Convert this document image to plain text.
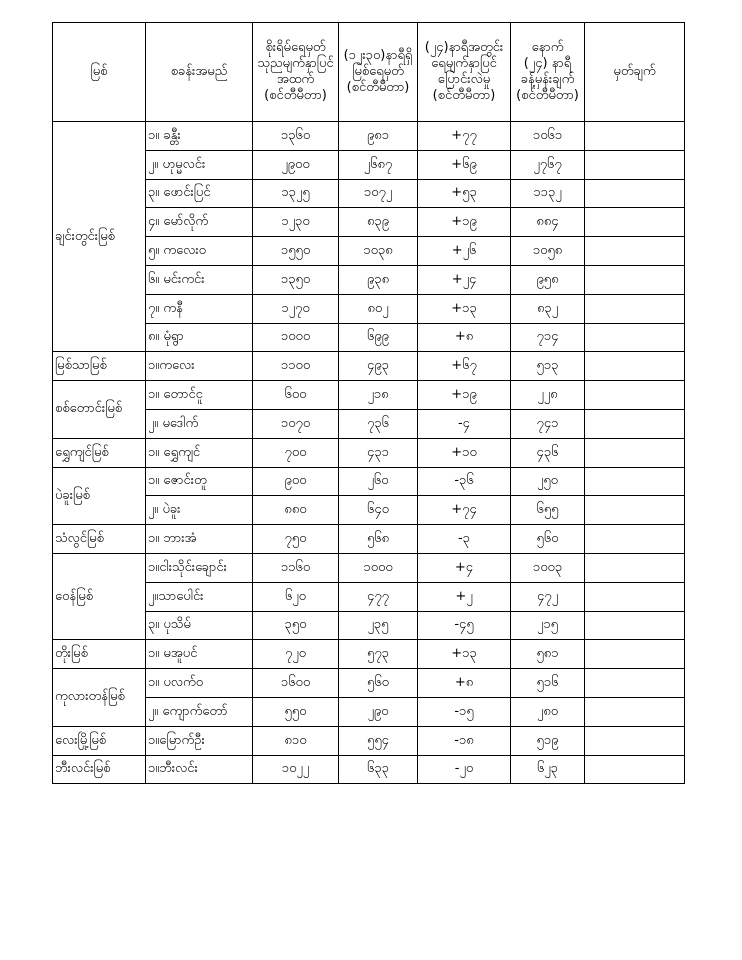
မြစ်	စခန်းအမည်	စိုးရိမ်ရေမှတ်
သုညမျက်နှာပြင်
အထက်
(စင်တီမီတာ)	(၁၂း၃၀)နာရီရှိ
မြစ်ရေမှတ်
(စင်တီမီတာ)	(၂၄)နာရီအတွင်း
ရေမျက်နှာပြင်
ပြောင်းလဲမှု
(စင်တီမီတာ)	နောက်
(၂၄) နာရီ
ခန့်မှန်းချက်
(စင်တီမီတာ)	မှတ်ချက်
ချင်းတွင်းမြစ်	၁။ ခန္တီး	၁၃၆၀	၉၈၁	+၇၇	၁၀၆၁	
	၂။ ဟုမ္မလင်း	၂၉၀၀	၂၆၈၇	+၆၉	၂၇၆၇	
	၃။ ဖောင်းပြင်	၁၃၂၅	၁၀၇၂	+၅၃	၁၁၃၂	
	၄။ မော်လိုက်	၁၂၃၀	၈၃၉	+၁၉	၈၈၄	
	၅။ ကလေးဝ	၁၅၅၀	၁၀၃၈	+၂၆	၁၀၅၈	
	၆။ မင်းကင်း	၁၃၅၀	၉၃၈	+၂၄	၉၅၈	
	၇။ ကနီ	၁၂၇၀	၈၀၂	+၁၃	၈၃၂	
	၈။ မုံရွာ	၁၀၀၀	၆၉၉	+၈	၇၁၄	
မြစ်သာမြစ်	၁။ကလေး	၁၁၀၀	၄၉၃	+၆၇	၅၁၃	
စစ်တောင်းမြစ်	၁။ တောင်ငူ	၆၀၀	၂၁၈	+၁၉	၂၂၈	
	၂။ မဒေါက်	၁၀၇၀	၇၃၆	-၄	၇၄၁	
ရွှေကျင်မြစ်	၁။ ရွှေကျင်	၇၀၀	၄၃၁	+၁၀	၄၃၆	
ပဲခူးမြစ်	၁။ ဇောင်းတူ	၉၀၀	၂၆၀	-၃၆	၂၅၀	
	၂။ ပဲခူး	၈၈၀	၆၄၀	+၇၄	၆၅၅	
သံလွင်မြစ်	၁။ ဘားအံ	၇၅၀	၅၆၈	-၃	၅၆၀	
ဝေန်မြစ်	၁။ငါးသိုင်းချောင်း	၁၁၆၀	၁၀၀၀	+၄	၁၀၀၃	
	၂။သာပေါင်း	၆၂၀	၄၇၇	+၂	၄၇၂	
	၃။ ပုသိမ်	၃၅၀	၂၃၅	-၄၅	၂၁၅	
တိုးမြစ်	၁။ မအူပင်	၇၂၀	၅၇၃	+၁၃	၅၈၁	
ကုလားတန်မြစ်	၁။ ပလက်ဝ	၁၆၀၀	၅၆၀	+၈	၅၁၆	
	၂။ ကျောက်တော်	၅၅၀	၂၉၀	-၁၅	၂၈၀	
လေးမြို့မြစ်	၁။မြောက်ဦး	၈၁၀	၅၅၄	-၁၈	၅၁၉	
ဘီးလင်းမြစ်	၁။ဘီးလင်း	၁၀၂၂	၆၃၃	-၂၀	၆၂၃	
